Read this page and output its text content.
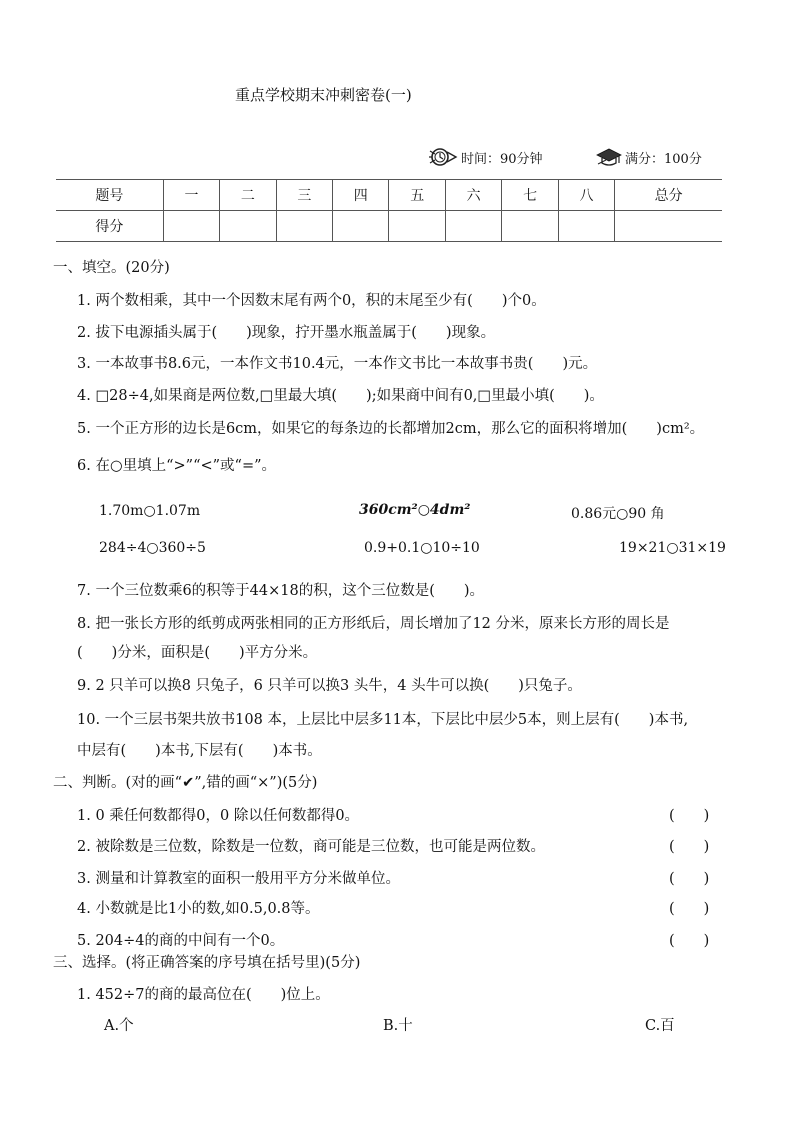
重点学校期末冲刺密卷(一)
时间：90分钟	满分：100分
题号	一	二	三	四	五	六	七	八	总分
得分									
一、填空。(20分)
1. 两个数相乘，其中一个因数末尾有两个0，积的末尾至少有(　　)个0。
2. 拔下电源插头属于(　　)现象，拧开墨水瓶盖属于(　　)现象。
3. 一本故事书8.6元，一本作文书10.4元，一本作文书比一本故事书贵(　　)元。
4. □28÷4,如果商是两位数,□里最大填(　　);如果商中间有0,□里最小填(　　)。
5. 一个正方形的边长是6cm，如果它的每条边的长都增加2cm，那么它的面积将增加(　　)cm²。
6. 在○里填上“>”“<”或“=”。
1.70m○1.07m	360cm²○4dm²	0.86元○90 角
284÷4○360÷5	0.9+0.1○10÷10	19×21○31×19
7. 一个三位数乘6的积等于44×18的积，这个三位数是(　　)。
8. 把一张长方形的纸剪成两张相同的正方形纸后，周长增加了12 分米，原来长方形的周长是
(　　)分米，面积是(　　)平方分米。
9. 2 只羊可以换8 只兔子，6 只羊可以换3 头牛，4 头牛可以换(　　)只兔子。
10. 一个三层书架共放书108 本，上层比中层多11本，下层比中层少5本，则上层有(　　)本书,
中层有(　　)本书,下层有(　　)本书。
二、判断。(对的画“✔”,错的画“×”)(5分)
1. 0 乘任何数都得0，0 除以任何数都得0。	(　　)
2. 被除数是三位数，除数是一位数，商可能是三位数，也可能是两位数。	(　　)
3. 测量和计算教室的面积一般用平方分米做单位。	(　　)
4. 小数就是比1小的数,如0.5,0.8等。	(　　)
5. 204÷4的商的中间有一个0。	(　　)
三、选择。(将正确答案的序号填在括号里)(5分)
1. 452÷7的商的最高位在(　　)位上。
A.个	B.十	C.百
